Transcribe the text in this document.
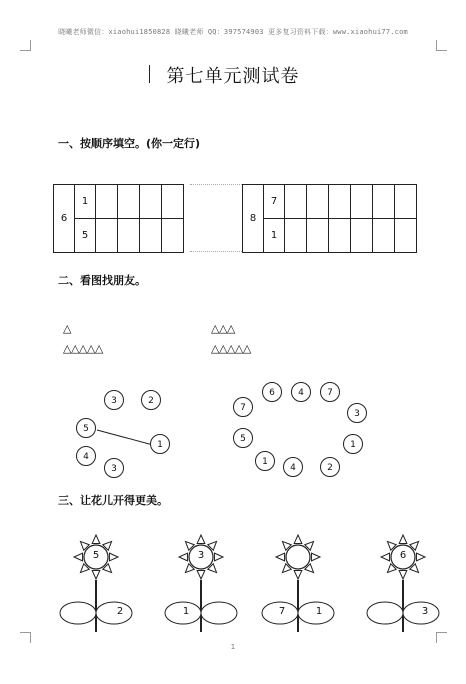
晓曦老师微信：xiaohui1850828 晓曦老师 QQ：397574903 更多复习资料下载：www.xiaohui77.com
第七单元测试卷
一、按顺序填空。(你一定行)
6	1				
	5				
8	7						
	1						
二、看图找朋友。
△
△△△△△
△△△
△△△△△
3	2
5
1
4
3
6	4	7
7
3
5
1
1
4	2
三、让花儿开得更美。
5
2
3
1	7	1
6
3
1
